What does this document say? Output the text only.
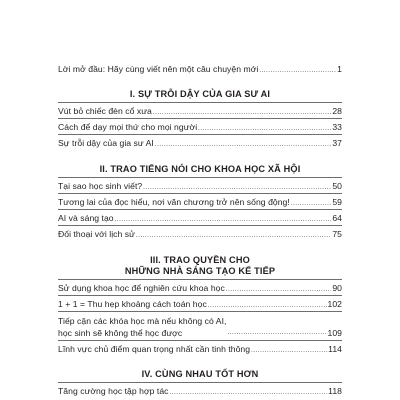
Lời mở đầu: Hãy cùng viết nên một câu chuyện mới .....	1
I. SỰ TRỖI DẬY CỦA GIA SƯ AI
Vút bỏ chiếc đèn cổ xưa .....	28
Cách để dạy mọi thứ cho mọi người .....	33
Sự trỗi dậy của gia sư AI .....	37
II. TRAO TIẾNG NÓI CHO KHOA HỌC XÃ HỘI
Tại sao học sinh viết? .....	50
Tương lai của đọc hiểu, nơi văn chương trở nên sống động! .....	59
AI và sáng tạo .....	64
Đối thoại với lịch sử .....	75
III. TRAO QUYỀN CHO
NHỮNG NHÀ SÁNG TẠO KẾ TIẾP
Sử dụng khoa học để nghiên cứu khoa học .....	90
1 + 1 = Thu hẹp khoảng cách toán học .....	102
Tiếp cận các khóa học mà nếu không có AI,
học sinh sẽ không thể học được .....	109
Lĩnh vực chủ điểm quan trọng nhất cần tinh thông .....	114
IV. CÙNG NHAU TỐT HƠN
Tăng cường học tập hợp tác .....	118
